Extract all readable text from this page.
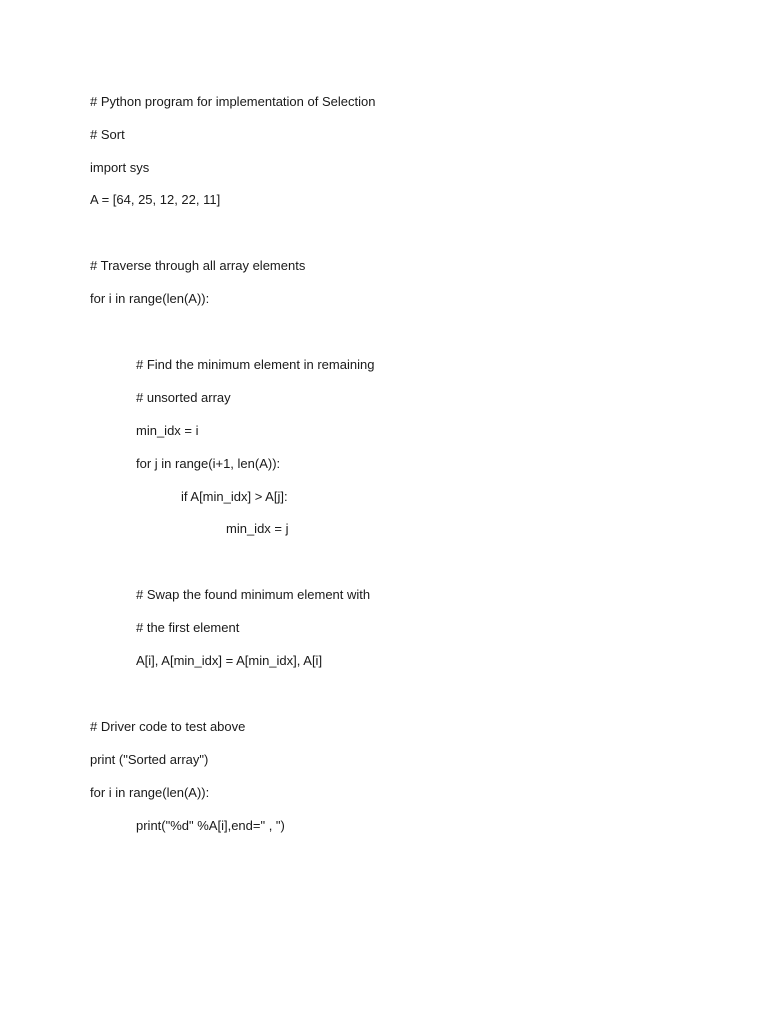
# Python program for implementation of Selection
# Sort
import sys
A = [64, 25, 12, 22, 11]
# Traverse through all array elements
for i in range(len(A)):
# Find the minimum element in remaining
# unsorted array
min_idx = i
for j in range(i+1, len(A)):
if A[min_idx] > A[j]:
min_idx = j
# Swap the found minimum element with
# the first element
A[i], A[min_idx] = A[min_idx], A[i]
# Driver code to test above
print ("Sorted array")
for i in range(len(A)):
print("%d" %A[i],end=" , ")
